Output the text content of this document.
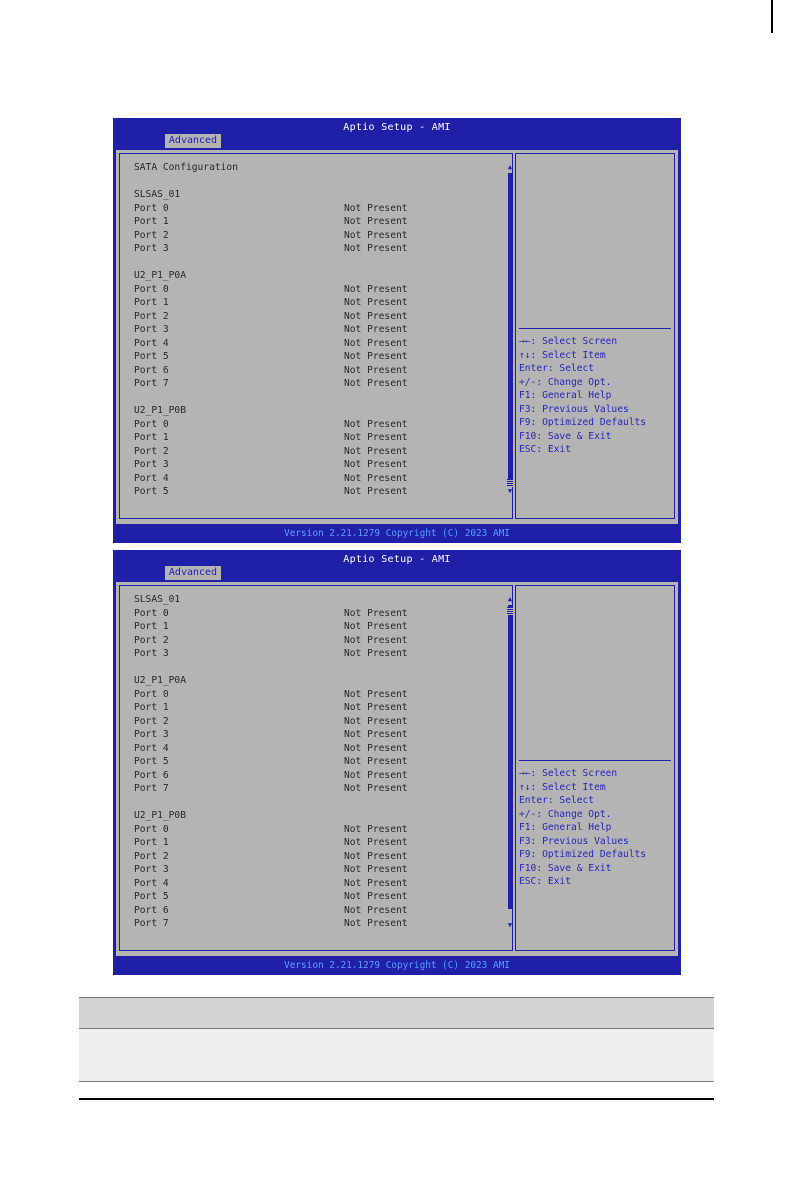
Aptio Setup - AMI
Advanced
SATA Configuration
SLSAS_01
Port 0	Not Present
Port 1	Not Present
Port 2	Not Present
Port 3	Not Present
U2_P1_P0A
Port 0	Not Present
Port 1	Not Present
Port 2	Not Present
Port 3	Not Present
Port 4	Not Present
Port 5	Not Present
Port 6	Not Present
Port 7	Not Present
U2_P1_P0B
Port 0	Not Present
Port 1	Not Present
Port 2	Not Present
Port 3	Not Present
Port 4	Not Present
Port 5	Not Present
▲
▼
→←: Select Screen
↑↓: Select Item
Enter: Select
+/-: Change Opt.
F1: General Help
F3: Previous Values
F9: Optimized Defaults
F10: Save & Exit
ESC: Exit
Version 2.21.1279 Copyright (C) 2023 AMI
Aptio Setup - AMI
Advanced
SLSAS_01
Port 0	Not Present
Port 1	Not Present
Port 2	Not Present
Port 3	Not Present
U2_P1_P0A
Port 0	Not Present
Port 1	Not Present
Port 2	Not Present
Port 3	Not Present
Port 4	Not Present
Port 5	Not Present
Port 6	Not Present
Port 7	Not Present
U2_P1_P0B
Port 0	Not Present
Port 1	Not Present
Port 2	Not Present
Port 3	Not Present
Port 4	Not Present
Port 5	Not Present
Port 6	Not Present
Port 7	Not Present
▲
▼
→←: Select Screen
↑↓: Select Item
Enter: Select
+/-: Change Opt.
F1: General Help
F3: Previous Values
F9: Optimized Defaults
F10: Save & Exit
ESC: Exit
Version 2.21.1279 Copyright (C) 2023 AMI
